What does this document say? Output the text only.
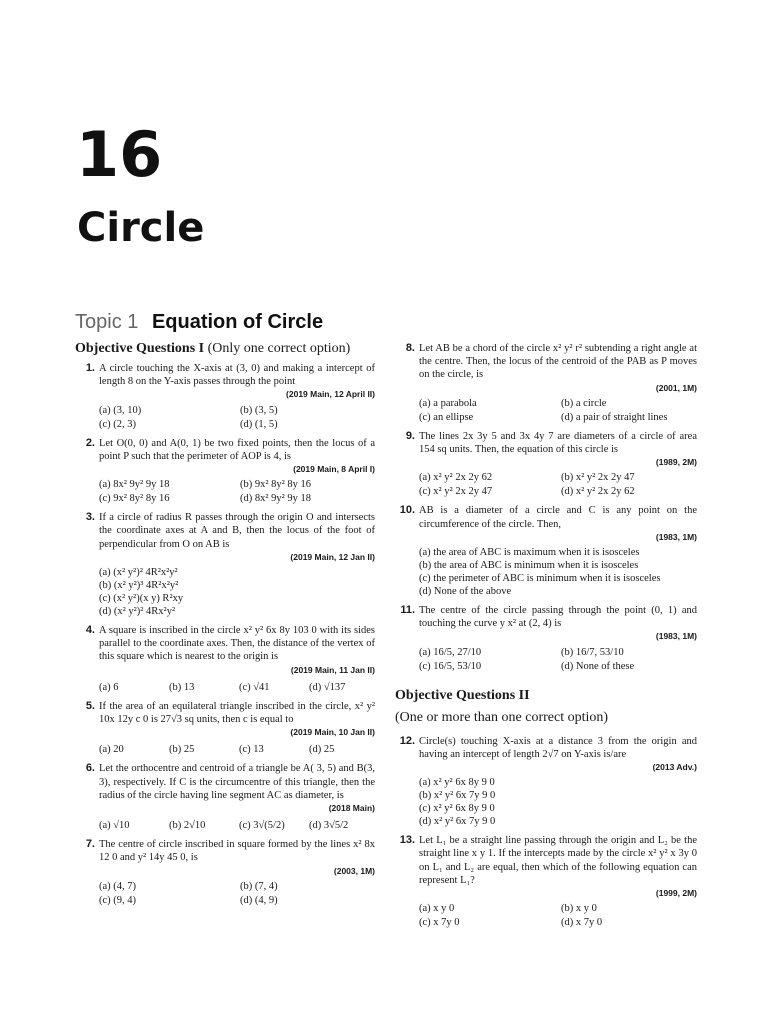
16
Circle
Topic 1 Equation of Circle
Objective Questions I (Only one correct option)
1. A circle touching the X-axis at (3, 0) and making a intercept of length 8 on the Y-axis passes through the point
(2019 Main, 12 April II)
(a) (3, 10)	(b) (3, 5)
(c) (2, 3)	(d) (1, 5)
2. Let O(0, 0) and A(0, 1) be two fixed points, then the locus of a point P such that the perimeter of AOP is 4, is
(2019 Main, 8 April I)
(a) 8x² 9y² 9y 18	(b) 9x² 8y² 8y 16
(c) 9x² 8y² 8y 16	(d) 8x² 9y² 9y 18
3. If a circle of radius R passes through the origin O and intersects the coordinate axes at A and B, then the locus of the foot of perpendicular from O on AB is
(2019 Main, 12 Jan II)
(a) (x² y²)² 4R²x²y²
(b) (x² y²)³ 4R²x²y²
(c) (x² y²)(x y) R²xy
(d) (x² y²)² 4Rx²y²
4. A square is inscribed in the circle x² y² 6x 8y 103 0 with its sides parallel to the coordinate axes. Then, the distance of the vertex of this square which is nearest to the origin is
(2019 Main, 11 Jan II)
(a) 6	(b) 13	(c) √41	(d) √137
5. If the area of an equilateral triangle inscribed in the circle, x² y² 10x 12y c 0 is 27√3 sq units, then c is equal to
(2019 Main, 10 Jan II)
(a) 20	(b) 25	(c) 13	(d) 25
6. Let the orthocentre and centroid of a triangle be A( 3, 5) and B(3, 3), respectively. If C is the circumcentre of this triangle, then the radius of the circle having line segment AC as diameter, is
(2018 Main)
(a) √10	(b) 2√10	(c) 3√(5/2)	(d) 3√5/2
7. The centre of circle inscribed in square formed by the lines x² 8x 12 0 and y² 14y 45 0, is
(2003, 1M)
(a) (4, 7)	(b) (7, 4)
(c) (9, 4)	(d) (4, 9)
8. Let AB be a chord of the circle x² y² r² subtending a right angle at the centre. Then, the locus of the centroid of the PAB as P moves on the circle, is
(2001, 1M)
(a) a parabola	(b) a circle
(c) an ellipse	(d) a pair of straight lines
9. The lines 2x 3y 5 and 3x 4y 7 are diameters of a circle of area 154 sq units. Then, the equation of this circle is
(1989, 2M)
(a) x² y² 2x 2y 62	(b) x² y² 2x 2y 47
(c) x² y² 2x 2y 47	(d) x² y² 2x 2y 62
10. AB is a diameter of a circle and C is any point on the circumference of the circle. Then,
(1983, 1M)
(a) the area of ABC is maximum when it is isosceles
(b) the area of ABC is minimum when it is isosceles
(c) the perimeter of ABC is minimum when it is isosceles
(d) None of the above
11. The centre of the circle passing through the point (0, 1) and touching the curve y x² at (2, 4) is
(1983, 1M)
(a) 16/5, 27/10	(b) 16/7, 53/10
(c) 16/5, 53/10	(d) None of these
Objective Questions II
(One or more than one correct option)
12. Circle(s) touching X-axis at a distance 3 from the origin and having an intercept of length 2√7 on Y-axis is/are
(2013 Adv.)
(a) x² y² 6x 8y 9 0
(b) x² y² 6x 7y 9 0
(c) x² y² 6x 8y 9 0
(d) x² y² 6x 7y 9 0
13. Let L₁ be a straight line passing through the origin and L₂ be the straight line x y 1. If the intercepts made by the circle x² y² x 3y 0 on L₁ and L₂ are equal, then which of the following equation can represent L₁?
(1999, 2M)
(a) x y 0	(b) x y 0
(c) x 7y 0	(d) x 7y 0
